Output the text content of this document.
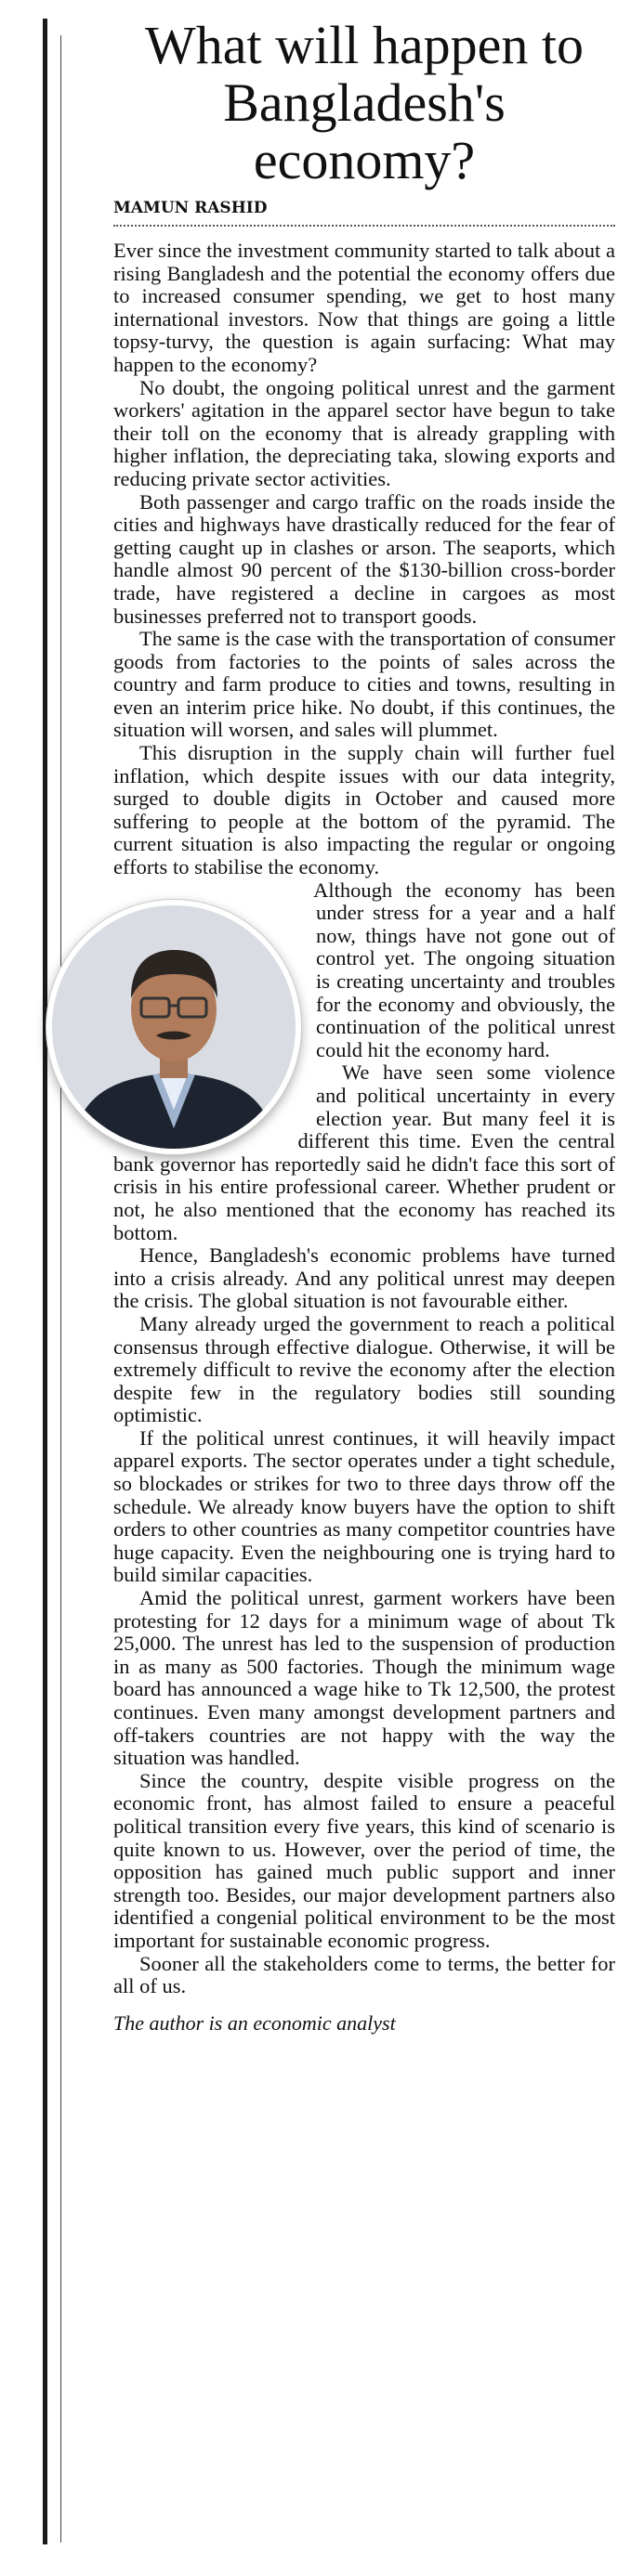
What will happen to Bangladesh's economy?
MAMUN RASHID

Ever since the investment community started to talk about a rising Bangladesh and the potential the economy offers due to increased consumer spending, we get to host many international investors. Now that things are going a little topsy-turvy, the question is again surfacing: What may happen to the economy?

No doubt, the ongoing political unrest and the garment workers' agitation in the apparel sector have begun to take their toll on the economy that is already grappling with higher inflation, the depreciating taka, slowing exports and reducing private sector activities.

Both passenger and cargo traffic on the roads inside the cities and highways have drastically reduced for the fear of getting caught up in clashes or arson. The seaports, which handle almost 90 percent of the $130-billion cross-border trade, have registered a decline in cargoes as most businesses preferred not to transport goods.

The same is the case with the transportation of consumer goods from factories to the points of sales across the country and farm produce to cities and towns, resulting in even an interim price hike. No doubt, if this continues, the situation will worsen, and sales will plummet.

This disruption in the supply chain will further fuel inflation, which despite issues with our data integrity, surged to double digits in October and caused more suffering to people at the bottom of the pyramid. The current situation is also impacting the regular or ongoing efforts to stabilise the economy.

Although the economy has been under stress for a year and a half now, things have not gone out of control yet. The ongoing situation is creating uncertainty and troubles for the economy and obviously, the continuation of the political unrest could hit the economy hard.

We have seen some violence and political uncertainty in every election year. But many feel it is different this time. Even the central bank governor has reportedly said he didn't face this sort of crisis in his entire professional career. Whether prudent or not, he also mentioned that the economy has reached its bottom.

Hence, Bangladesh's economic problems have turned into a crisis already. And any political unrest may deepen the crisis. The global situation is not favourable either.

Many already urged the government to reach a political consensus through effective dialogue. Otherwise, it will be extremely difficult to revive the economy after the election despite few in the regulatory bodies still sounding optimistic.

If the political unrest continues, it will heavily impact apparel exports. The sector operates under a tight schedule, so blockades or strikes for two to three days throw off the schedule. We already know buyers have the option to shift orders to other countries as many competitor countries have huge capacity. Even the neighbouring one is trying hard to build similar capacities.

Amid the political unrest, garment workers have been protesting for 12 days for a minimum wage of about Tk 25,000. The unrest has led to the suspension of production in as many as 500 factories. Though the minimum wage board has announced a wage hike to Tk 12,500, the protest continues. Even many amongst development partners and off-takers countries are not happy with the way the situation was handled.

Since the country, despite visible progress on the economic front, has almost failed to ensure a peaceful political transition every five years, this kind of scenario is quite known to us. However, over the period of time, the opposition has gained much public support and inner strength too. Besides, our major development partners also identified a congenial political environment to be the most important for sustainable economic progress.

Sooner all the stakeholders come to terms, the better for all of us.

The author is an economic analyst
